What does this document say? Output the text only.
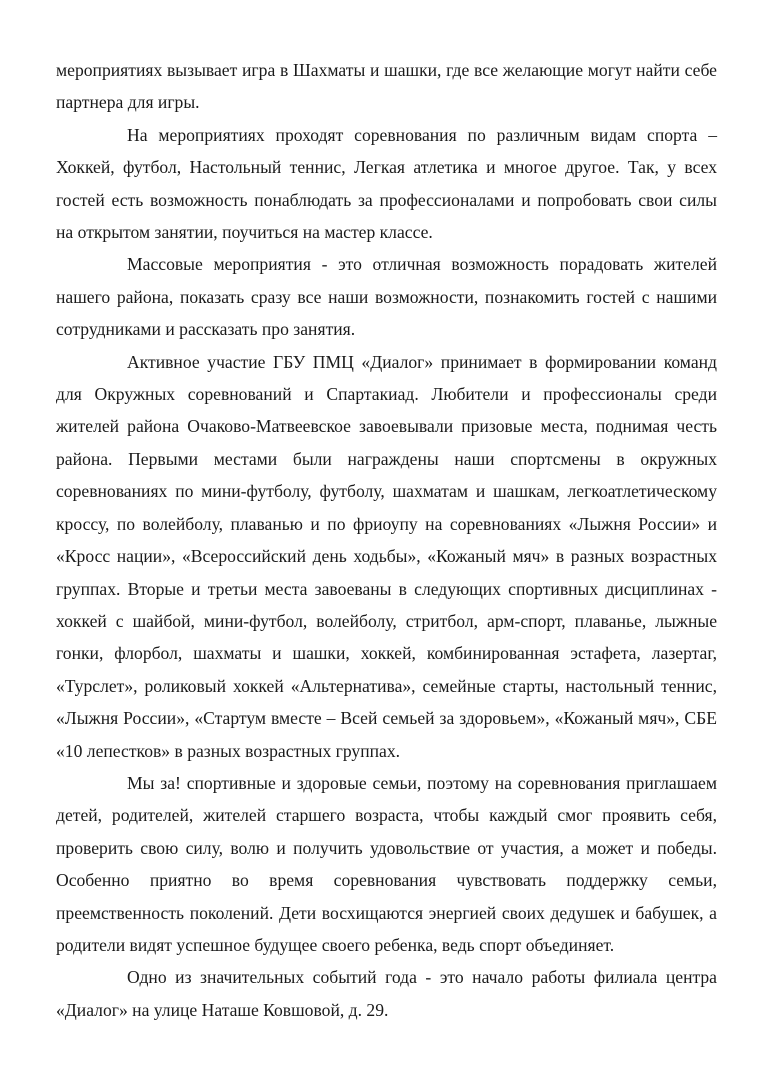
мероприятиях вызывает игра в Шахматы и шашки, где все желающие могут найти себе партнера для игры.

На мероприятиях проходят соревнования по различным видам спорта – Хоккей, футбол, Настольный теннис, Легкая атлетика и многое другое. Так, у всех гостей есть возможность понаблюдать за профессионалами и попробовать свои силы на открытом занятии, поучиться на мастер классе.

Массовые мероприятия - это отличная возможность порадовать жителей нашего района, показать сразу все наши возможности, познакомить гостей с нашими сотрудниками и рассказать про занятия.

Активное участие ГБУ ПМЦ «Диалог» принимает в формировании команд для Окружных соревнований и Спартакиад. Любители и профессионалы среди жителей района Очаково-Матвеевское завоевывали призовые места, поднимая честь района. Первыми местами были награждены наши спортсмены в окружных соревнованиях по мини-футболу, футболу, шахматам и шашкам, легкоатлетическому кроссу, по волейболу, плаванью и по фриоупу на соревнованиях «Лыжня России» и «Кросс нации», «Всероссийский день ходьбы», «Кожаный мяч» в разных возрастных группах. Вторые и третьи места завоеваны в следующих спортивных дисциплинах - хоккей с шайбой, мини-футбол, волейболу, стритбол, арм-спорт, плаванье, лыжные гонки, флорбол, шахматы и шашки, хоккей, комбинированная эстафета, лазертаг, «Турслет», роликовый хоккей «Альтернатива», семейные старты, настольный теннис, «Лыжня России», «Стартум вместе – Всей семьей за здоровьем», «Кожаный мяч», СБЕ «10 лепестков» в разных возрастных группах.

Мы за! спортивные и здоровые семьи, поэтому на соревнования приглашаем детей, родителей, жителей старшего возраста, чтобы каждый смог проявить себя, проверить свою силу, волю и получить удовольствие от участия, а может и победы. Особенно приятно во время соревнования чувствовать поддержку семьи, преемственность поколений. Дети восхищаются энергией своих дедушек и бабушек, а родители видят успешное будущее своего ребенка, ведь спорт объединяет.

Одно из значительных событий года - это начало работы филиала центра «Диалог» на улице Наташе Ковшовой, д. 29.
